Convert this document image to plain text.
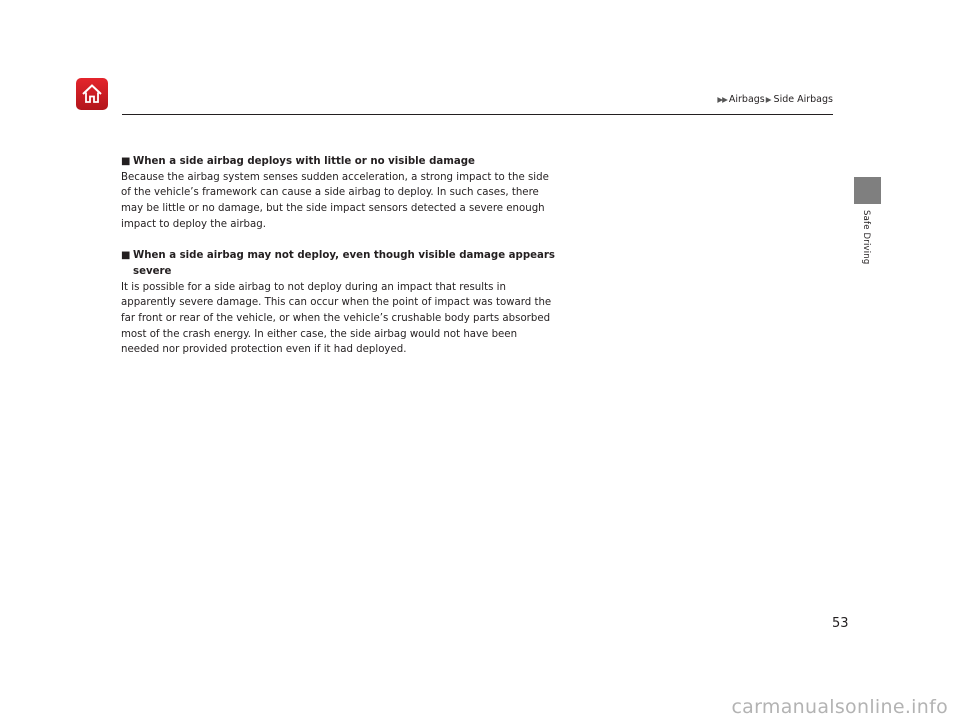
▶▶ Airbags ▶ Side Airbags
Safe Driving
■ When a side airbag deploys with little or no visible damage

Because the airbag system senses sudden acceleration, a strong impact to the side
of the vehicle’s framework can cause a side airbag to deploy. In such cases, there
may be little or no damage, but the side impact sensors detected a severe enough
impact to deploy the airbag.

■ When a side airbag may not deploy, even though visible damage appears
severe

It is possible for a side airbag to not deploy during an impact that results in
apparently severe damage. This can occur when the point of impact was toward the
far front or rear of the vehicle, or when the vehicle’s crushable body parts absorbed
most of the crash energy. In either case, the side airbag would not have been
needed nor provided protection even if it had deployed.

53
carmanualsonline.info
